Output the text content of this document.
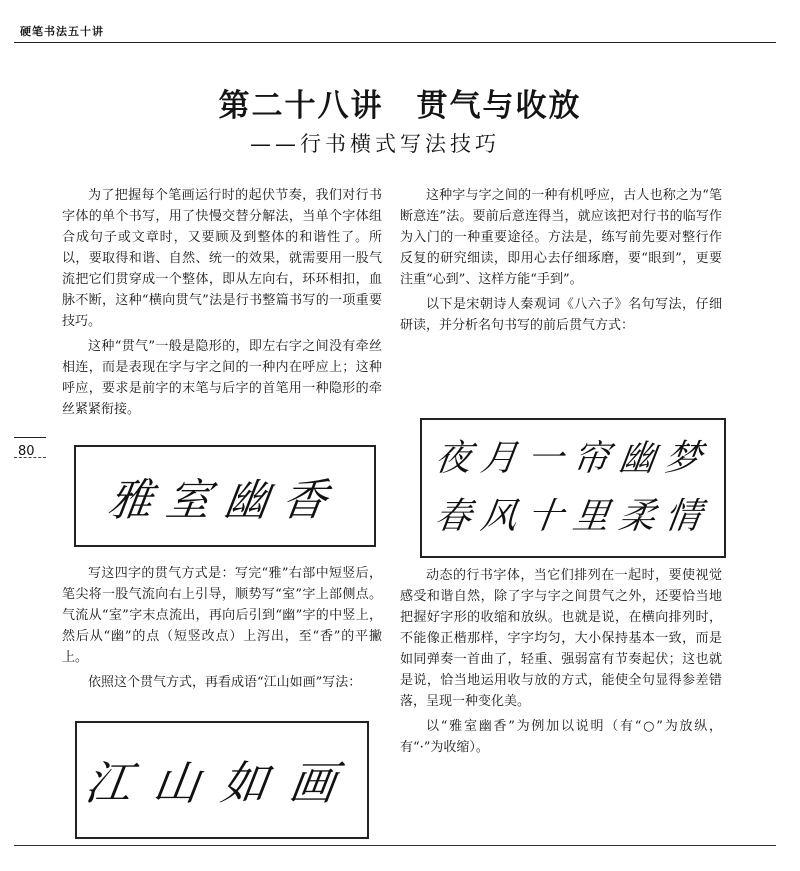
硬笔书法五十讲
第二十八讲　贯气与收放
——行书横式写法技巧

为了把握每个笔画运行时的起伏节奏，我们对行书字体的单个书写，用了快慢交替分解法，当单个字体组合成句子或文章时，又要顾及到整体的和谐性了。所以，要取得和谐、自然、统一的效果，就需要用一股气流把它们贯穿成一个整体，即从左向右，环环相扣，血脉不断，这种“横向贯气”法是行书整篇书写的一项重要技巧。

这种“贯气”一般是隐形的，即左右字之间没有牵丝相连，而是表现在字与字之间的一种内在呼应上；这种呼应，要求是前字的末笔与后字的首笔用一种隐形的牵丝紧紧衔接。

80
雅室幽香

写这四字的贯气方式是：写完“雅”右部中短竖后，笔尖将一股气流向右上引导，顺势写“室”字上部侧点。气流从“室”字末点流出，再向后引到“幽”字的中竖上，然后从“幽”的点（短竖改点）上泻出，至“香”的平撇上。

依照这个贯气方式，再看成语“江山如画”写法：

江山如画

这种字与字之间的一种有机呼应，古人也称之为“笔断意连”法。要前后意连得当，就应该把对行书的临写作为入门的一种重要途径。方法是，练写前先要对整行作反复的研究细读，即用心去仔细琢磨，要“眼到”，更要注重“心到”、这样方能“手到”。

以下是宋朝诗人秦观词《八六子》名句写法，仔细研读，并分析名句书写的前后贯气方式：

夜月一帘幽梦
春风十里柔情

动态的行书字体，当它们排列在一起时，要使视觉感受和谐自然，除了字与字之间贯气之外，还要恰当地把握好字形的收缩和放纵。也就是说，在横向排列时，不能像正楷那样，字字均匀，大小保持基本一致，而是如同弹奏一首曲了，轻重、强弱富有节奏起伏；这也就是说，恰当地运用收与放的方式，能使全句显得参差错落，呈现一种变化美。

以“雅室幽香”为例加以说明（有“○”为放纵，有“·”为收缩）。
